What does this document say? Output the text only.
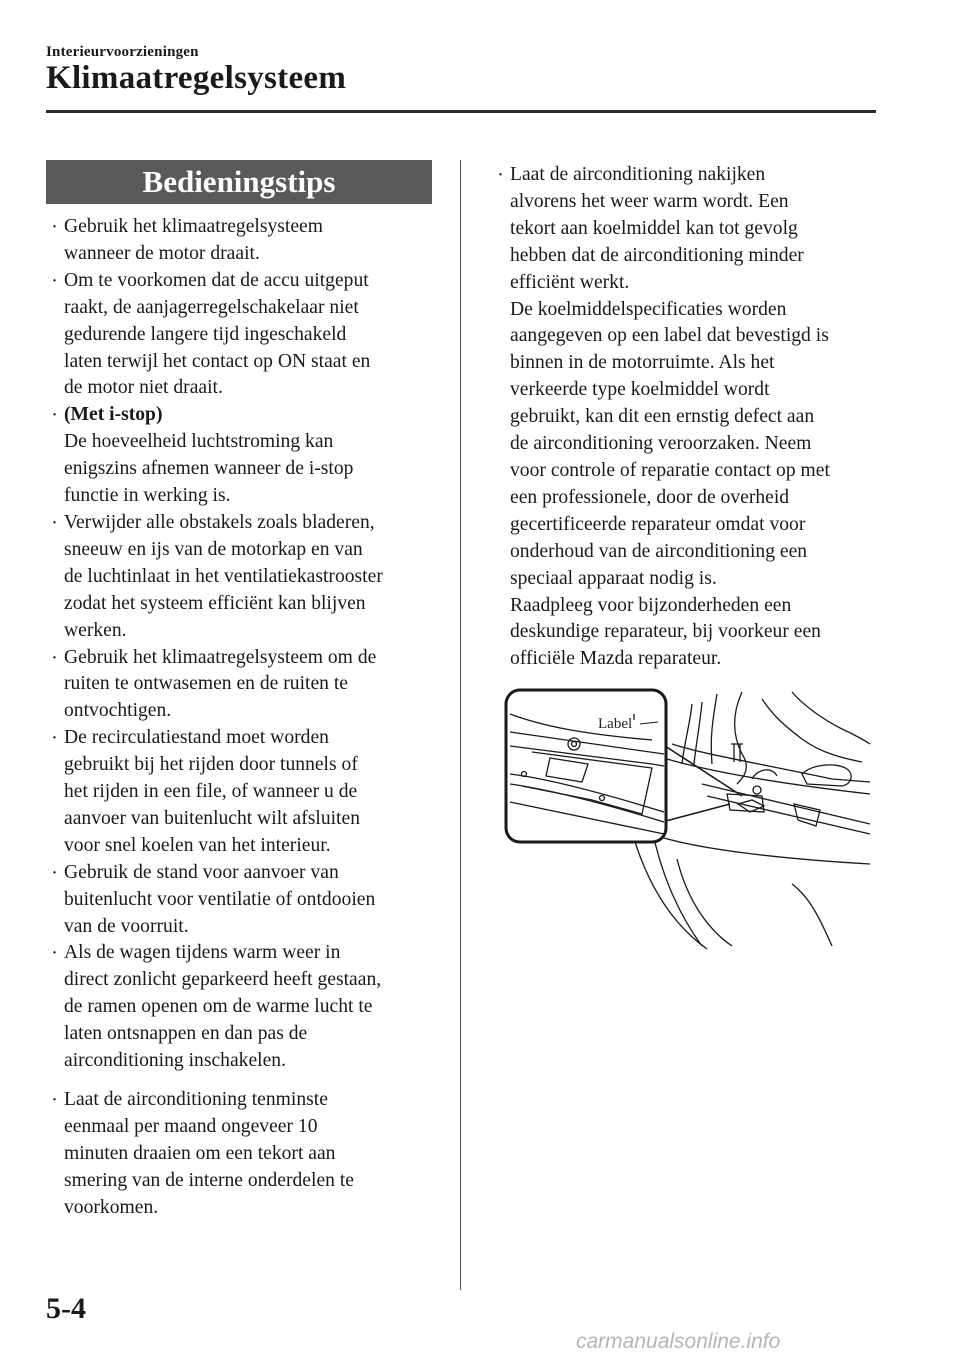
Interieurvoorzieningen
Klimaatregelsysteem
Bedieningstips

· Gebruik het klimaatregelsysteem
wanneer de motor draait.

· Om te voorkomen dat de accu uitgeput
raakt, de aanjagerregelschakelaar niet
gedurende langere tijd ingeschakeld
laten terwijl het contact op ON staat en
de motor niet draait.

· (Met i-stop)
De hoeveelheid luchtstroming kan
enigszins afnemen wanneer de i-stop
functie in werking is.

· Verwijder alle obstakels zoals bladeren,
sneeuw en ijs van de motorkap en van
de luchtinlaat in het ventilatiekastrooster
zodat het systeem efficiënt kan blijven
werken.

· Gebruik het klimaatregelsysteem om de
ruiten te ontwasemen en de ruiten te
ontvochtigen.

· De recirculatiestand moet worden
gebruikt bij het rijden door tunnels of
het rijden in een file, of wanneer u de
aanvoer van buitenlucht wilt afsluiten
voor snel koelen van het interieur.

· Gebruik de stand voor aanvoer van
buitenlucht voor ventilatie of ontdooien
van de voorruit.

· Als de wagen tijdens warm weer in
direct zonlicht geparkeerd heeft gestaan,
de ramen openen om de warme lucht te
laten ontsnappen en dan pas de
airconditioning inschakelen.

· Laat de airconditioning tenminste
eenmaal per maand ongeveer 10
minuten draaien om een tekort aan
smering van de interne onderdelen te
voorkomen.

· Laat de airconditioning nakijken
alvorens het weer warm wordt. Een
tekort aan koelmiddel kan tot gevolg
hebben dat de airconditioning minder
efficiënt werkt.
De koelmiddelspecificaties worden
aangegeven op een label dat bevestigd is
binnen in de motorruimte. Als het
verkeerde type koelmiddel wordt
gebruikt, kan dit een ernstig defect aan
de airconditioning veroorzaken. Neem
voor controle of reparatie contact op met
een professionele, door de overheid
gecertificeerde reparateur omdat voor
onderhoud van de airconditioning een
speciaal apparaat nodig is.
Raadpleeg voor bijzonderheden een
deskundige reparateur, bij voorkeur een
officiële Mazda reparateur.

Label
5-4
carmanualsonline.info
